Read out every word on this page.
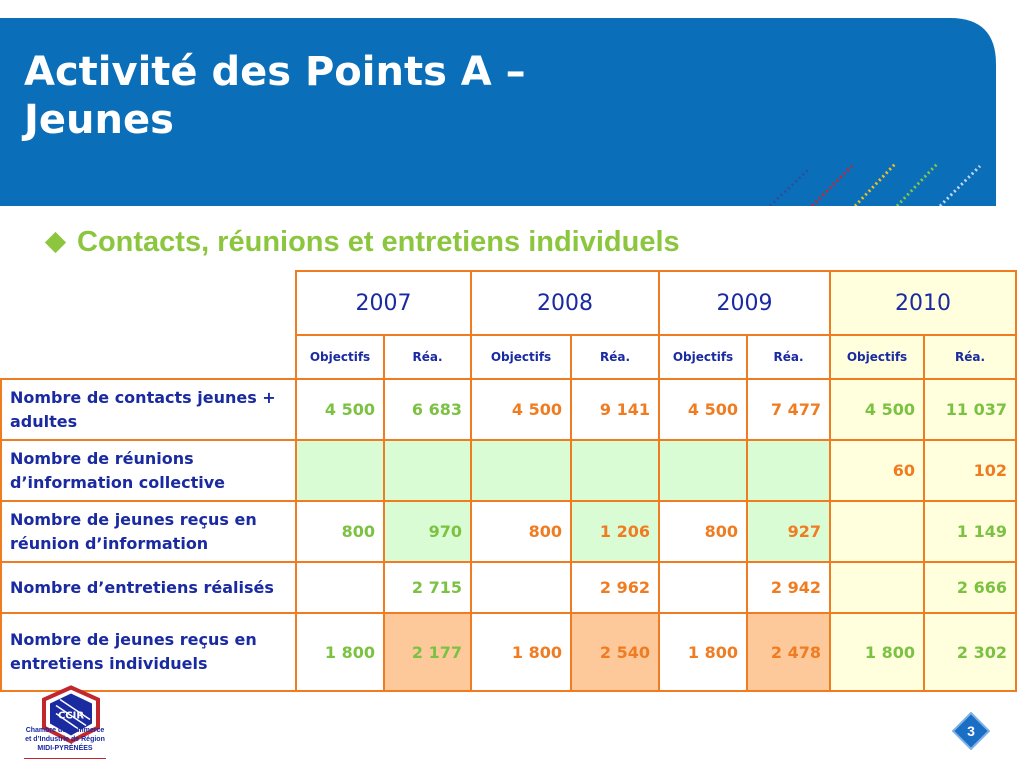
Activité des Points A –
Jeunes
Contacts, réunions et entretiens individuels
	2007		2008		2009		2010	
	Objectifs	Réa.	Objectifs	Réa.	Objectifs	Réa.	Objectifs	Réa.
Nombre de contacts jeunes + adultes	4 500	6 683	4 500	9 141	4 500	7 477	4 500	11 037
Nombre de réunions d’information collective							60	102
Nombre de jeunes reçus en réunion d’information	800	970	800	1 206	800	927		1 149
Nombre d’entretiens réalisés		2 715		2 962		2 942		2 666
Nombre de jeunes reçus en entretiens individuels	1 800	2 177	1 800	2 540	1 800	2 478	1 800	2 302
CCIR
Chambre de Commerce
et d’Industrie de Région
MIDI-PYRÉNÉES
3
